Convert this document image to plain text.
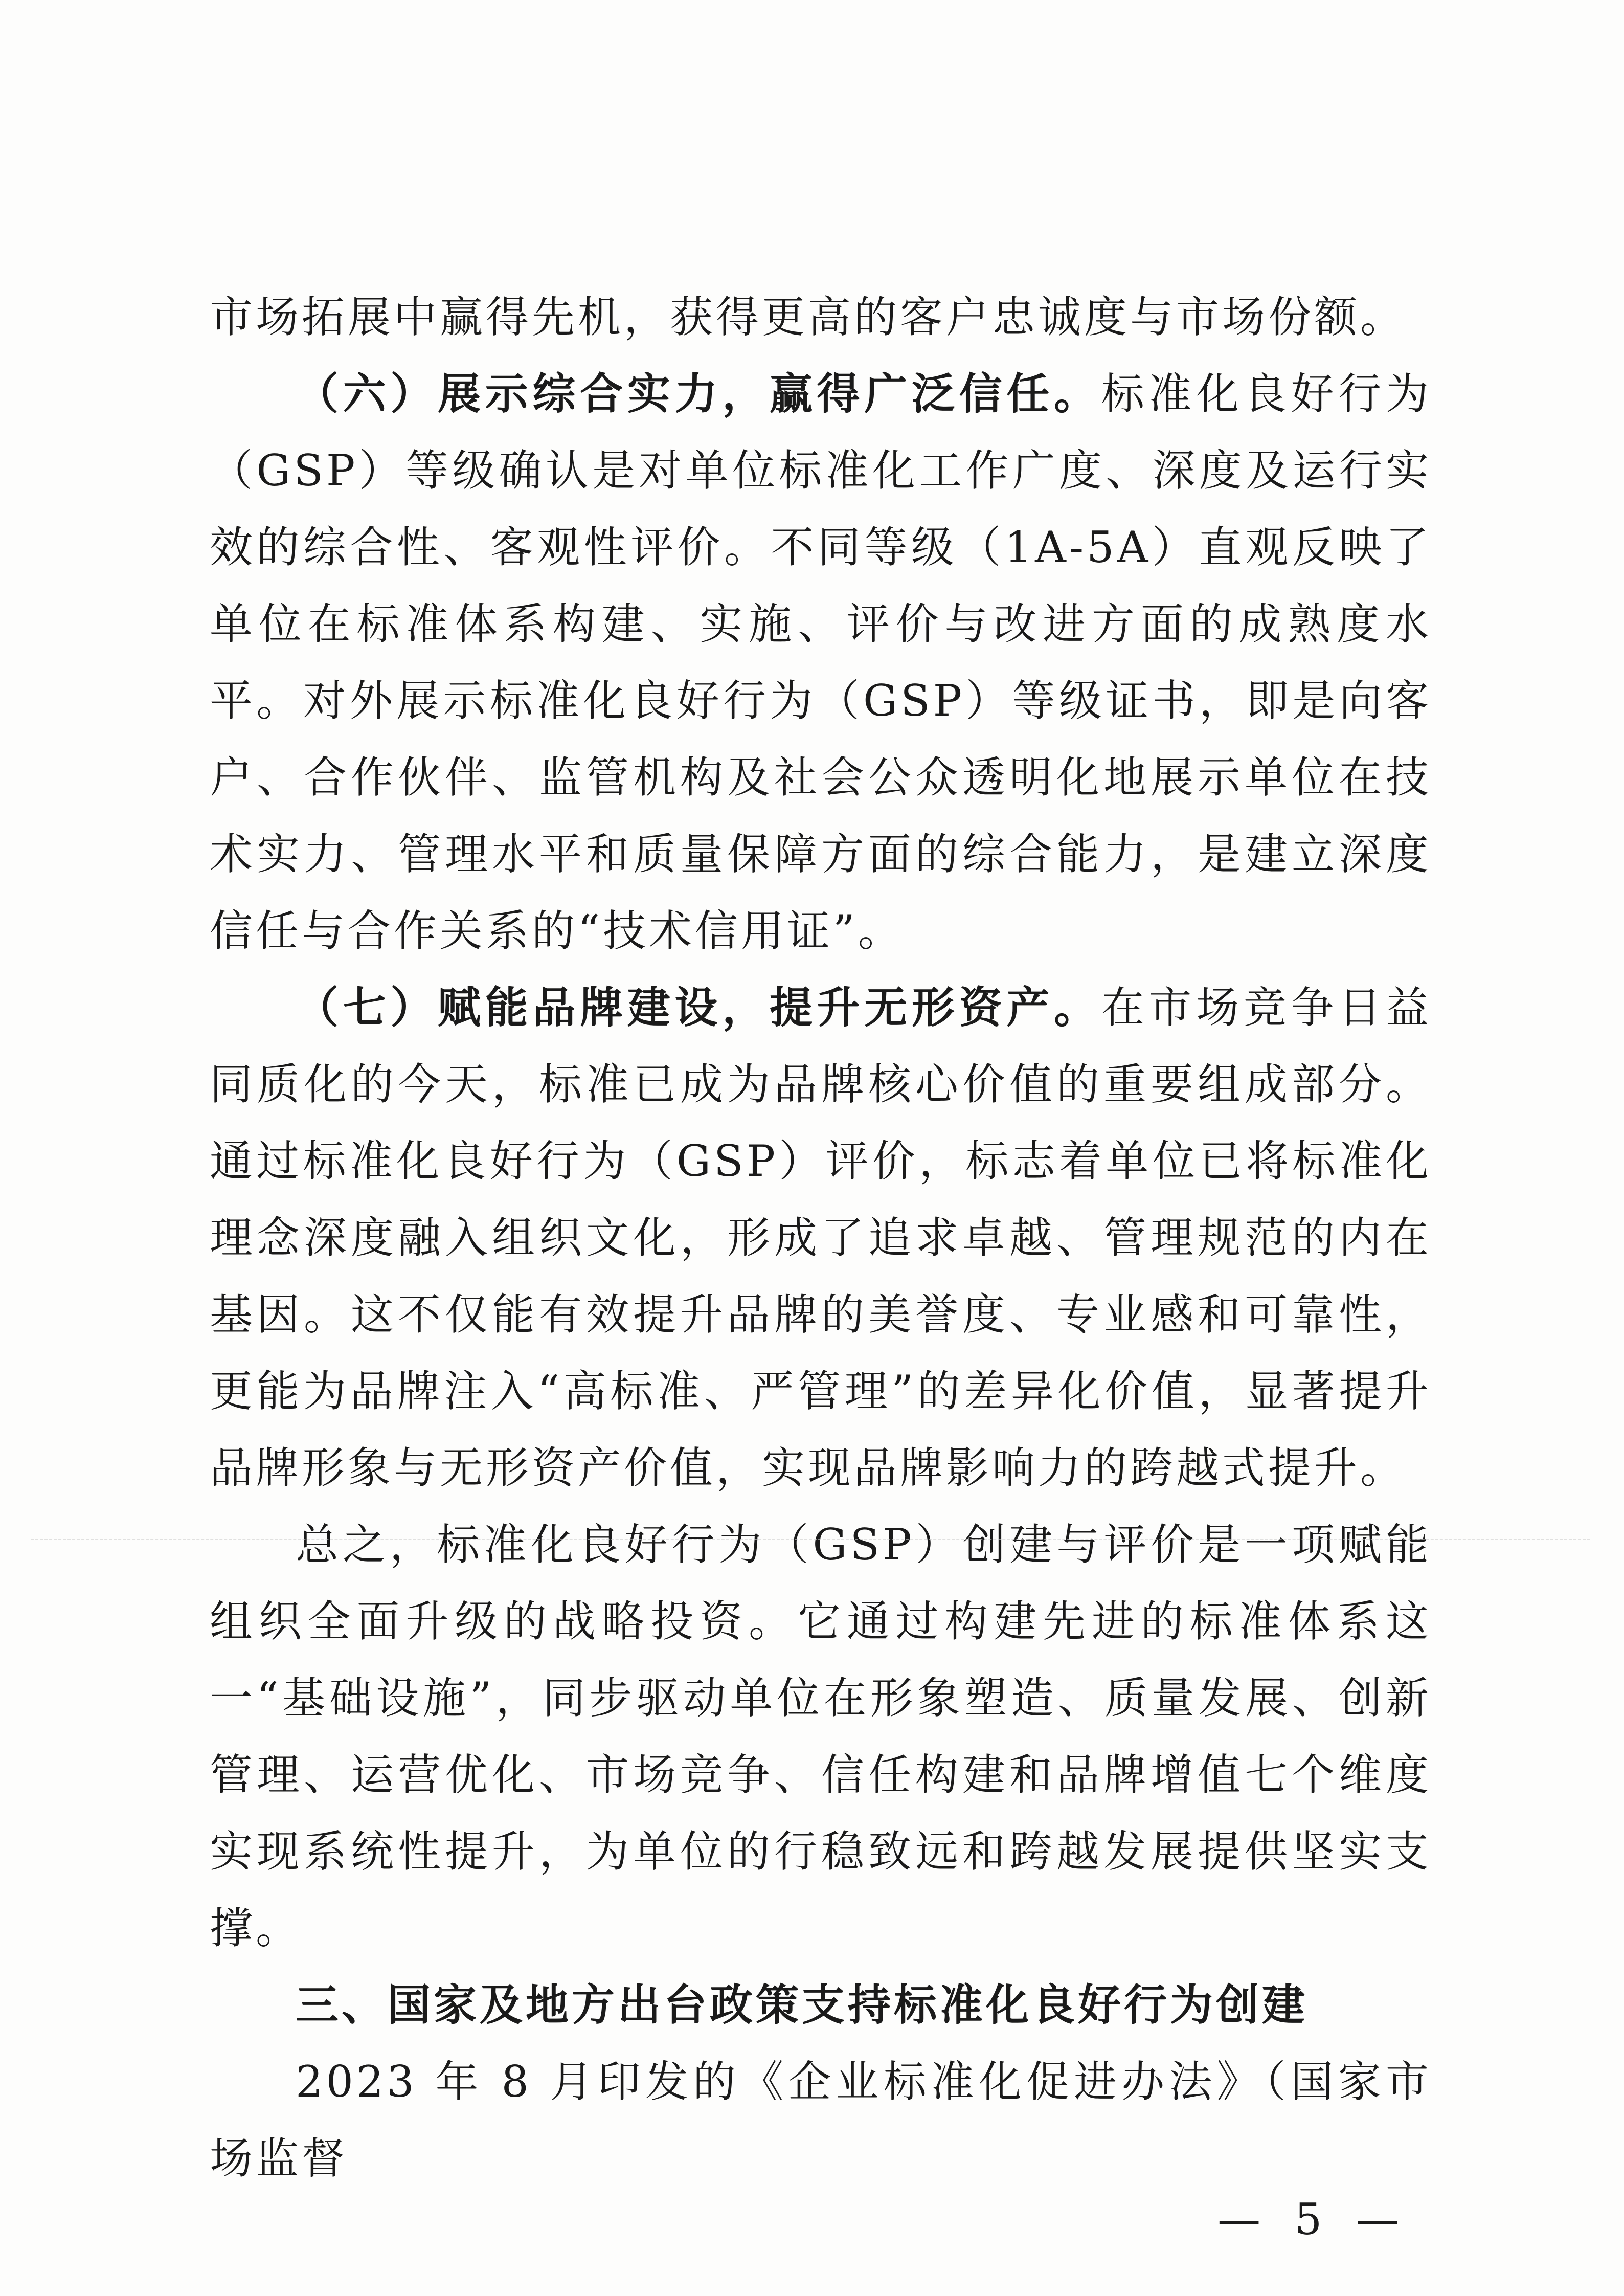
市场拓展中赢得先机，获得更高的客户忠诚度与市场份额。

（六）展示综合实力，赢得广泛信任。标准化良好行为（GSP）等级确认是对单位标准化工作广度、深度及运行实效的综合性、客观性评价。不同等级（1A-5A）直观反映了单位在标准体系构建、实施、评价与改进方面的成熟度水平。对外展示标准化良好行为（GSP）等级证书，即是向客户、合作伙伴、监管机构及社会公众透明化地展示单位在技术实力、管理水平和质量保障方面的综合能力，是建立深度信任与合作关系的“技术信用证”。

（七）赋能品牌建设，提升无形资产。在市场竞争日益同质化的今天，标准已成为品牌核心价值的重要组成部分。通过标准化良好行为（GSP）评价，标志着单位已将标准化理念深度融入组织文化，形成了追求卓越、管理规范的内在基因。这不仅能有效提升品牌的美誉度、专业感和可靠性，更能为品牌注入“高标准、严管理”的差异化价值，显著提升品牌形象与无形资产价值，实现品牌影响力的跨越式提升。

总之，标准化良好行为（GSP）创建与评价是一项赋能组织全面升级的战略投资。它通过构建先进的标准体系这一“基础设施”，同步驱动单位在形象塑造、质量发展、创新管理、运营优化、市场竞争、信任构建和品牌增值七个维度实现系统性提升，为单位的行稳致远和跨越发展提供坚实支撑。

三、国家及地方出台政策支持标准化良好行为创建

2023 年 8 月印发的《企业标准化促进办法》（国家市场监督

— 5 —
